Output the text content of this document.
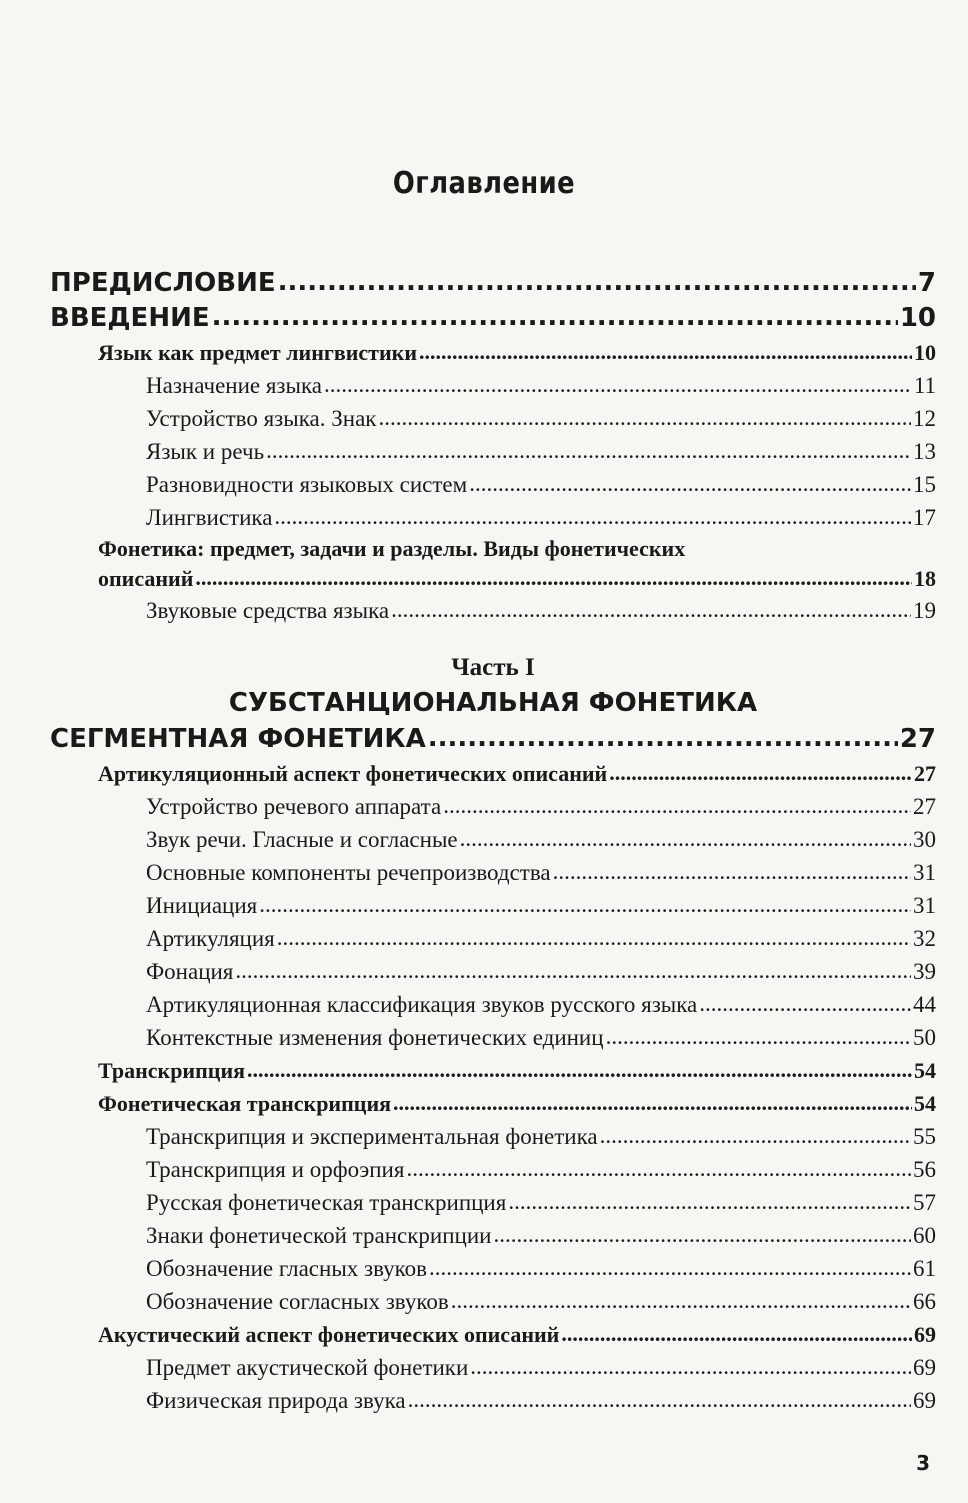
Оглавление
ПРЕДИСЛОВИЕ .....	7
ВВЕДЕНИЕ .....	10
Язык как предмет лингвистики .....	10
Назначение языка .....	11
Устройство языка. Знак .....	12
Язык и речь .....	13
Разновидности языковых систем .....	15
Лингвистика .....	17
Фонетика: предмет, задачи и разделы. Виды фонетических
описаний .....	18
Звуковые средства языка .....	19
Часть I
СУБСТАНЦИОНАЛЬНАЯ ФОНЕТИКА
СЕГМЕНТНАЯ ФОНЕТИКА .....	27
Артикуляционный аспект фонетических описаний .....	27
Устройство речевого аппарата .....	27
Звук речи. Гласные и согласные .....	30
Основные компоненты речепроизводства .....	31
Инициация .....	31
Артикуляция .....	32
Фонация .....	39
Артикуляционная классификация звуков русского языка .....	44
Контекстные изменения фонетических единиц .....	50
Транскрипция .....	54
Фонетическая транскрипция .....	54
Транскрипция и экспериментальная фонетика .....	55
Транскрипция и орфоэпия .....	56
Русская фонетическая транскрипция .....	57
Знаки фонетической транскрипции .....	60
Обозначение гласных звуков .....	61
Обозначение согласных звуков .....	66
Акустический аспект фонетических описаний .....	69
Предмет акустической фонетики .....	69
Физическая природа звука .....	69
3
